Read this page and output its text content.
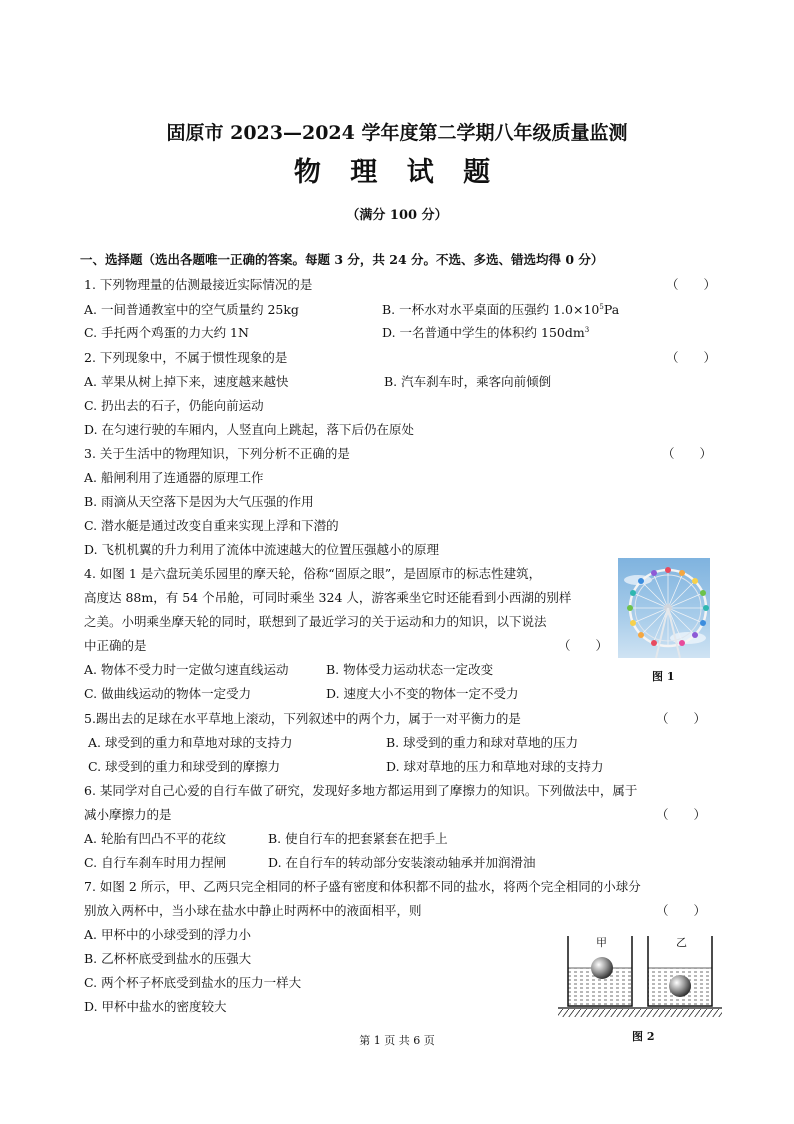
固原市 2023—2024 学年度第二学期八年级质量监测
物 理 试 题
（满分 100 分）
一、选择题（选出各题唯一正确的答案。每题 3 分，共 24 分。不选、多选、错选均得 0 分）
1. 下列物理量的估测最接近实际情况的是	（　　）
A. 一间普通教室中的空气质量约 25kg	B. 一杯水对水平桌面的压强约 $1.0\times 10^5Pa$
C. 手托两个鸡蛋的力大约 1N	D. 一名普通中学生的体积约 $150dm^3$
2. 下列现象中，不属于惯性现象的是	（　　）
A. 苹果从树上掉下来，速度越来越快	B. 汽车刹车时，乘客向前倾倒
C. 扔出去的石子，仍能向前运动
D. 在匀速行驶的车厢内，人竖直向上跳起，落下后仍在原处
3. 关于生活中的物理知识，下列分析不正确的是	（　　）
A. 船闸利用了连通器的原理工作
B. 雨滴从天空落下是因为大气压强的作用
C. 潜水艇是通过改变自重来实现上浮和下潜的
D. 飞机机翼的升力利用了流体中流速越大的位置压强越小的原理
4. 如图 1 是六盘玩美乐园里的摩天轮，俗称“固原之眼”，是固原市的标志性建筑，
高度达 88m，有 54 个吊舱，可同时乘坐 324 人，游客乘坐它时还能看到小西湖的别样
之美。小明乘坐摩天轮的同时，联想到了最近学习的关于运动和力的知识，以下说法
中正确的是	（　　）
A. 物体不受力时一定做匀速直线运动	B. 物体受力运动状态一定改变
C. 做曲线运动的物体一定受力	D. 速度大小不变的物体一定不受力
图 1
5.踢出去的足球在水平草地上滚动，下列叙述中的两个力，属于一对平衡力的是	（　　）
A. 球受到的重力和草地对球的支持力	B. 球受到的重力和球对草地的压力
C. 球受到的重力和球受到的摩擦力	D. 球对草地的压力和草地对球的支持力
6. 某同学对自己心爱的自行车做了研究，发现好多地方都运用到了摩擦力的知识。下列做法中，属于
减小摩擦力的是	（　　）
A. 轮胎有凹凸不平的花纹	B. 使自行车的把套紧套在把手上
C. 自行车刹车时用力捏闸	D. 在自行车的转动部分安装滚动轴承并加润滑油
7. 如图 2 所示，甲、乙两只完全相同的杯子盛有密度和体积都不同的盐水，将两个完全相同的小球分
别放入两杯中，当小球在盐水中静止时两杯中的液面相平，则	（　　）
A. 甲杯中的小球受到的浮力小
B. 乙杯杯底受到盐水的压强大
C. 两个杯子杯底受到盐水的压力一样大
D. 甲杯中盐水的密度较大
甲	乙
图 2
第 1 页 共 6 页
